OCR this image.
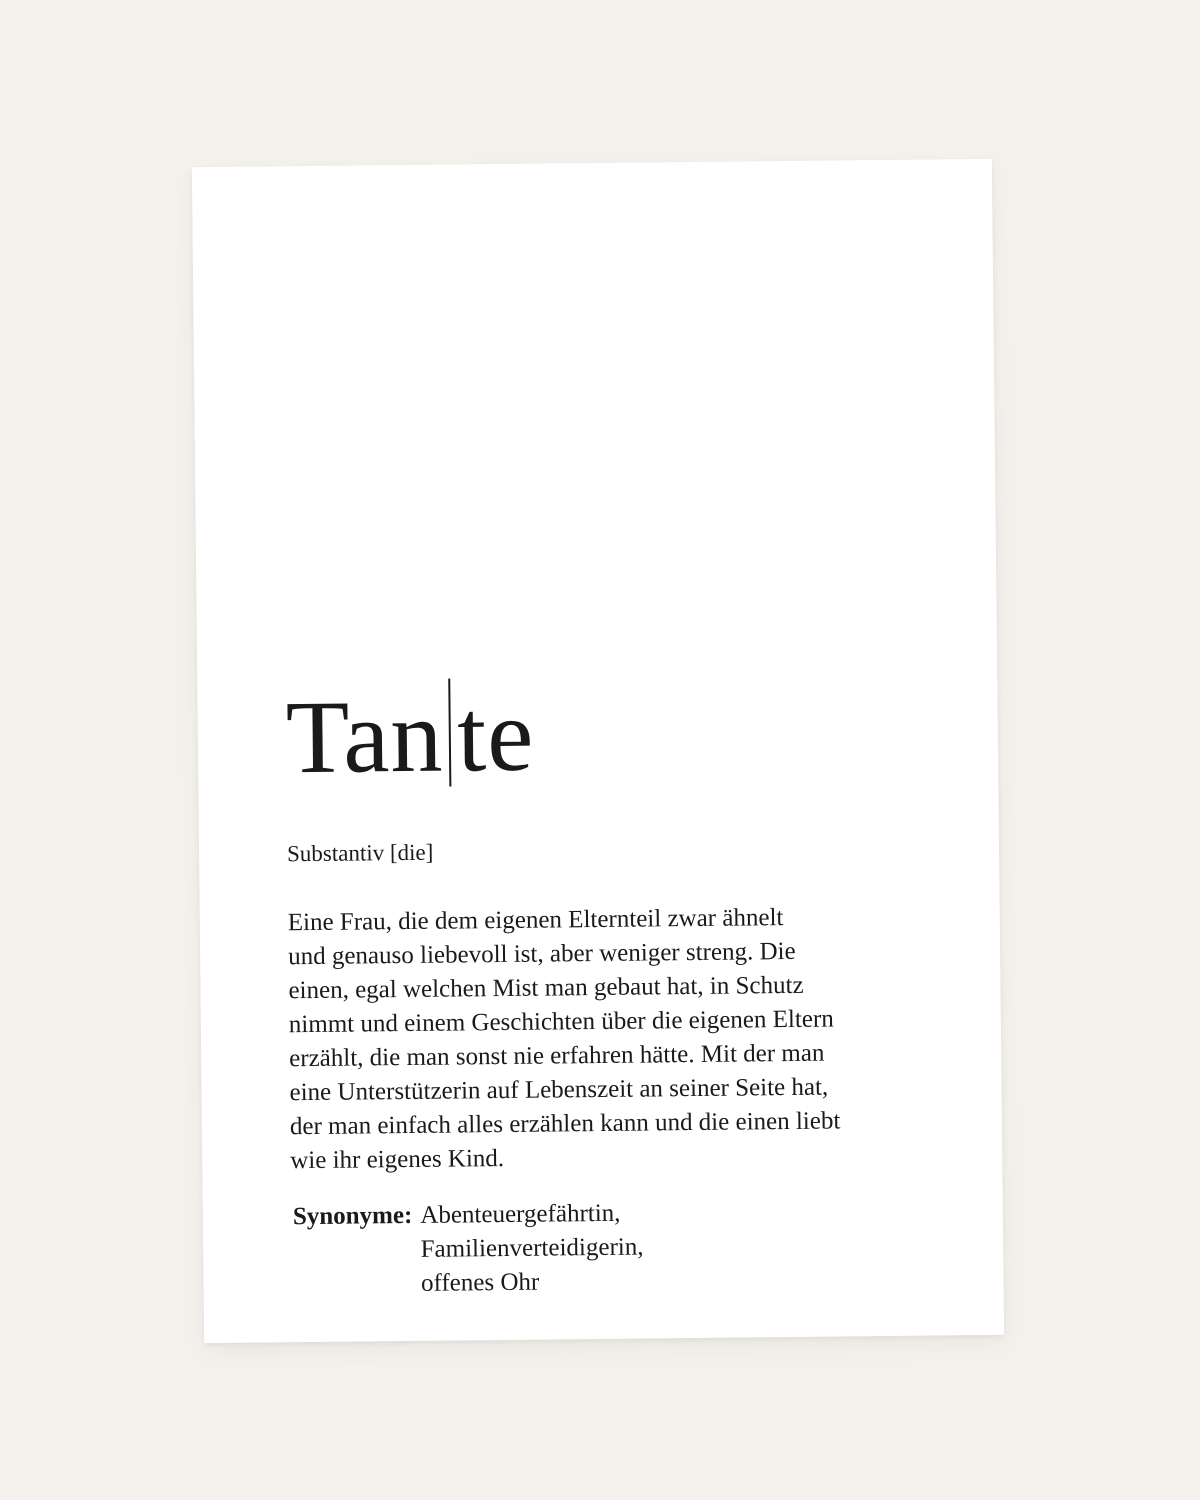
Tan te
Substantiv [die]
Eine Frau, die dem eigenen Elternteil zwar ähnelt
und genauso liebevoll ist, aber weniger streng. Die
einen, egal welchen Mist man gebaut hat, in Schutz
nimmt und einem Geschichten über die eigenen Eltern
erzählt, die man sonst nie erfahren hätte. Mit der man
eine Unterstützerin auf Lebenszeit an seiner Seite hat,
der man einfach alles erzählen kann und die einen liebt
wie ihr eigenes Kind.
Synonyme: Abenteuergefährtin,
Familienverteidigerin,
offenes Ohr
